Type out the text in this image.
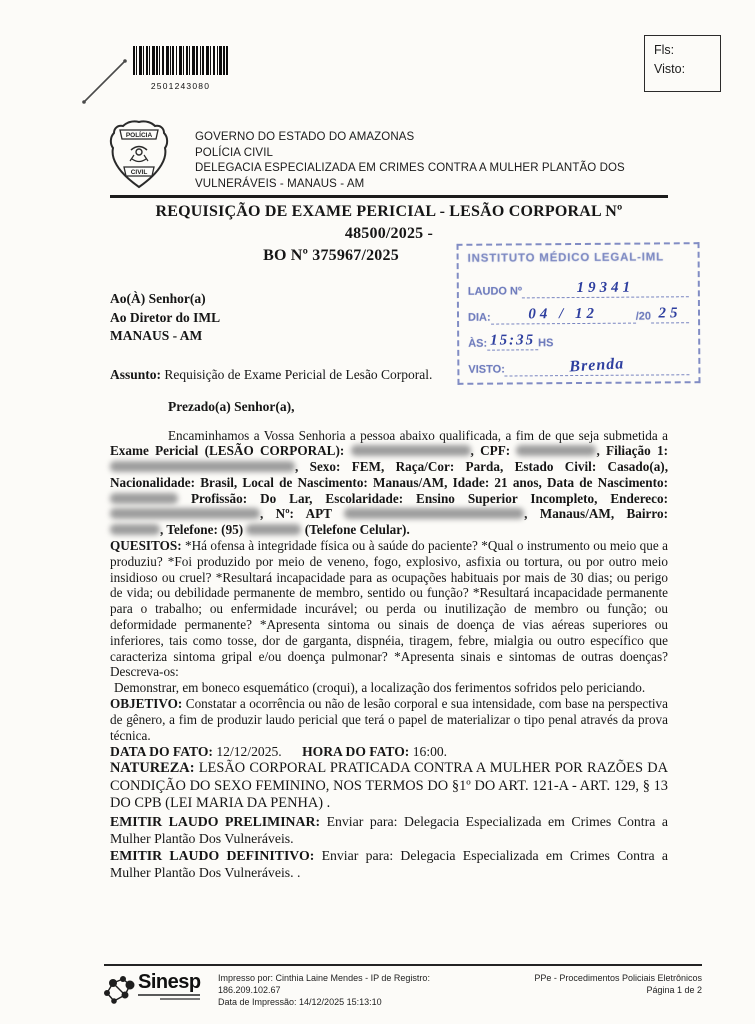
2501243080
Fls:
Visto:
POLÍCIA
CIVIL
GOVERNO DO ESTADO DO AMAZONAS
POLÍCIA CIVIL
DELEGACIA ESPECIALIZADA EM CRIMES CONTRA A MULHER PLANTÃO DOS
VULNERÁVEIS - MANAUS - AM
INSTITUTO MÉDICO LEGAL-IML
LAUDO Nº	19341
DIA:	04 / 12	/20 25
ÀS: 15:35 HS
VISTO:	Brenda
REQUISIÇÃO DE EXAME PERICIAL - LESÃO CORPORAL Nº
48500/2025 -
BO Nº 375967/2025
Ao(À) Senhor(a)
Ao Diretor do IML
MANAUS - AM
Assunto: Requisição de Exame Pericial de Lesão Corporal.
Prezado(a) Senhor(a),
Encaminhamos a Vossa Senhoria a pessoa abaixo qualificada, a fim de que seja submetida a Exame Pericial (LESÃO CORPORAL):	, CPF:	, Filiação 1: , Sexo: FEM, Raça/Cor: Parda, Estado Civil: Casado(a), Nacionalidade: Brasil, Local de Nascimento: Manaus/AM, Idade: 21 anos, Data de Nascimento:  Profissão: Do Lar, Escolaridade: Ensino Superior Incompleto, Endereco: , Nº: APT	, Manaus/AM, Bairro: , Telefone: (95)	(Telefone Celular).
QUESITOS: *Há ofensa à integridade física ou à saúde do paciente? *Qual o instrumento ou meio que a produziu? *Foi produzido por meio de veneno, fogo, explosivo, asfixia ou tortura, ou por outro meio insidioso ou cruel? *Resultará incapacidade para as ocupações habituais por mais de 30 dias; ou perigo de vida; ou debilidade permanente de membro, sentido ou função? *Resultará incapacidade permanente para o trabalho; ou enfermidade incurável; ou perda ou inutilização de membro ou função; ou deformidade permanente? *Apresenta sintoma ou sinais de doença de vias aéreas superiores ou inferiores, tais como tosse, dor de garganta, dispnéia, tiragem, febre, mialgia ou outro específico que caracteriza sintoma gripal e/ou doença pulmonar? *Apresenta sinais e sintomas de outras doenças? Descreva-os:
Demonstrar, em boneco esquemático (croqui), a localização dos ferimentos sofridos pelo periciando.
OBJETIVO: Constatar a ocorrência ou não de lesão corporal e sua intensidade, com base na perspectiva de gênero, a fim de produzir laudo pericial que terá o papel de materializar o tipo penal através da prova técnica.
DATA DO FATO: 12/12/2025. HORA DO FATO: 16:00.
NATUREZA: LESÃO CORPORAL PRATICADA CONTRA A MULHER POR RAZÕES DA CONDIÇÃO DO SEXO FEMININO, NOS TERMOS DO §1º DO ART. 121-A - ART. 129, § 13 DO CPB (LEI MARIA DA PENHA) .
EMITIR LAUDO PRELIMINAR: Enviar para: Delegacia Especializada em Crimes Contra a Mulher Plantão Dos Vulneráveis.
EMITIR LAUDO DEFINITIVO: Enviar para: Delegacia Especializada em Crimes Contra a Mulher Plantão Dos Vulneráveis. .
Sinesp Impresso por: Cinthia Laine Mendes - IP de Registro:
186.209.102.67
Data de Impressão: 14/12/2025 15:13:10
PPe - Procedimentos Policiais Eletrônicos
Página 1 de 2
